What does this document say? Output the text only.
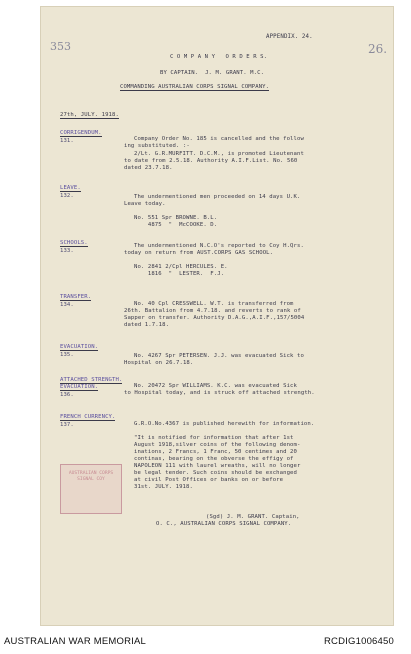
APPENDIX. 24.
353	26.
C O M P A N Y   O R D E R S.
BY CAPTAIN.  J. M. GRANT. M.C.
COMMANDING AUSTRALIAN CORPS SIGNAL COMPANY.
27th, JULY. 1918.
CORRIGENDUM.
131.	Company Order No. 185 is cancelled and the follow
ing substituted. :-
2/Lt. G.R.MURFITT. D.C.M., is promoted Lieutenant
to date from 2.5.18. Authority A.I.F.List. No. 560
dated 23.7.18.
LEAVE.
132.	The undermentioned men proceeded on 14 days U.K.
Leave today.
No. 551 Spr BROWNE. B.L.
4875  "  McCOOKE. D.
SCHOOLS.
133.
The undermentioned N.C.O's reported to Coy H.Qrs.
today on return from AUST.CORPS GAS SCHOOL.
No. 2841 2/Cpl HERCULES. E.
1816  "  LESTER.  F.J.
TRANSFER.
134.	No. 40 Cpl CRESSWELL. W.T. is transferred from
26th. Battalion from 4.7.18. and reverts to rank of
Sapper on transfer. Authority D.A.G.,A.I.F.,157/5004
dated 1.7.18.
EVACUATION.
135.	No. 4267 Spr PETERSEN. J.J. was evacuated Sick to
Hospital on 26.7.18.
ATTACHED STRENGTH.
EVACUATION.
136.
No. 20472 Spr WILLIAMS. K.C. was evacuated Sick
to Hospital today, and is struck off attached strength.
FRENCH CURRENCY.
137.	G.R.O.No.4367 is published herewith for information.
"It is notified for information that after 1st
August 1918,silver coins of the following denom-
inations, 2 Francs, 1 Franc, 50 centimes and 20
continas, bearing on the obverse the effigy of
NAPOLEON 111 with laurel wreaths, will no longer
be legal tender. Such coins should be exchanged
at civil Post Offices or banks on or before
31st. JULY. 1918.
AUSTRALIAN CORPS
SIGNAL COY
(Sgd) J. M. GRANT. Captain,
O. C., AUSTRALIAN CORPS SIGNAL COMPANY.
AUSTRALIAN WAR MEMORIAL	RCDIG1006450
